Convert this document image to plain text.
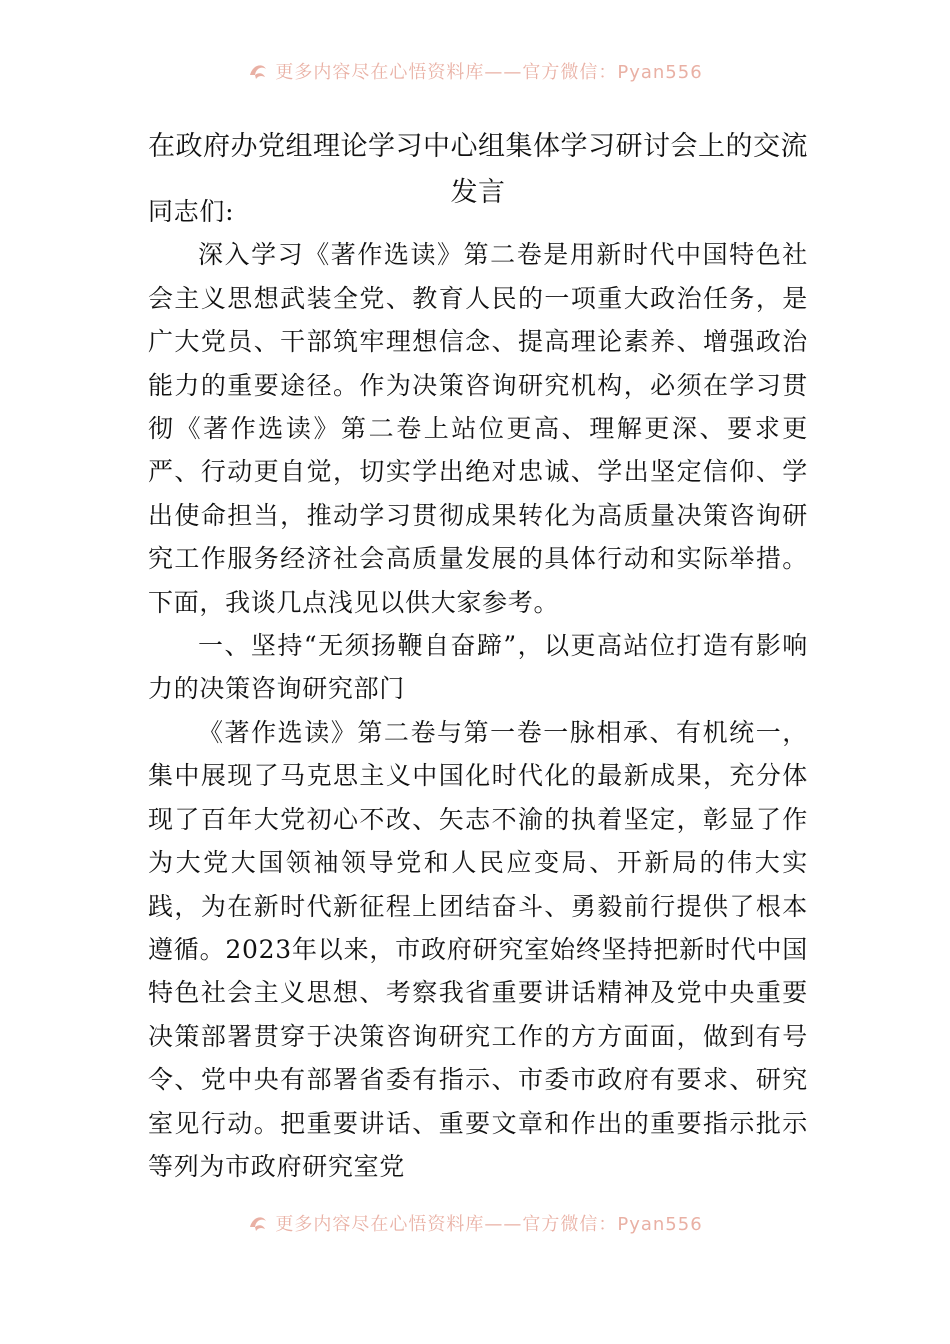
更多内容尽在心悟资料库——官方微信：Pyan556
在政府办党组理论学习中心组集体学习研讨会上的交流发言

同志们:

深入学习《著作选读》第二卷是用新时代中国特色社会主义思想武装全党、教育人民的一项重大政治任务，是广大党员、干部筑牢理想信念、提高理论素养、增强政治能力的重要途径。作为决策咨询研究机构，必须在学习贯彻《著作选读》第二卷上站位更高、理解更深、要求更严、行动更自觉，切实学出绝对忠诚、学出坚定信仰、学出使命担当，推动学习贯彻成果转化为高质量决策咨询研究工作服务经济社会高质量发展的具体行动和实际举措。下面，我谈几点浅见以供大家参考。

一、坚持“无须扬鞭自奋蹄”，以更高站位打造有影响力的决策咨询研究部门

《著作选读》第二卷与第一卷一脉相承、有机统一，集中展现了马克思主义中国化时代化的最新成果，充分体现了百年大党初心不改、矢志不渝的执着坚定，彰显了作为大党大国领袖领导党和人民应变局、开新局的伟大实践，为在新时代新征程上团结奋斗、勇毅前行提供了根本遵循。2023年以来，市政府研究室始终坚持把新时代中国特色社会主义思想、考察我省重要讲话精神及党中央重要决策部署贯穿于决策咨询研究工作的方方面面，做到有号令、党中央有部署省委有指示、市委市政府有要求、研究室见行动。把重要讲话、重要文章和作出的重要指示批示等列为市政府研究室党

更多内容尽在心悟资料库——官方微信：Pyan556
